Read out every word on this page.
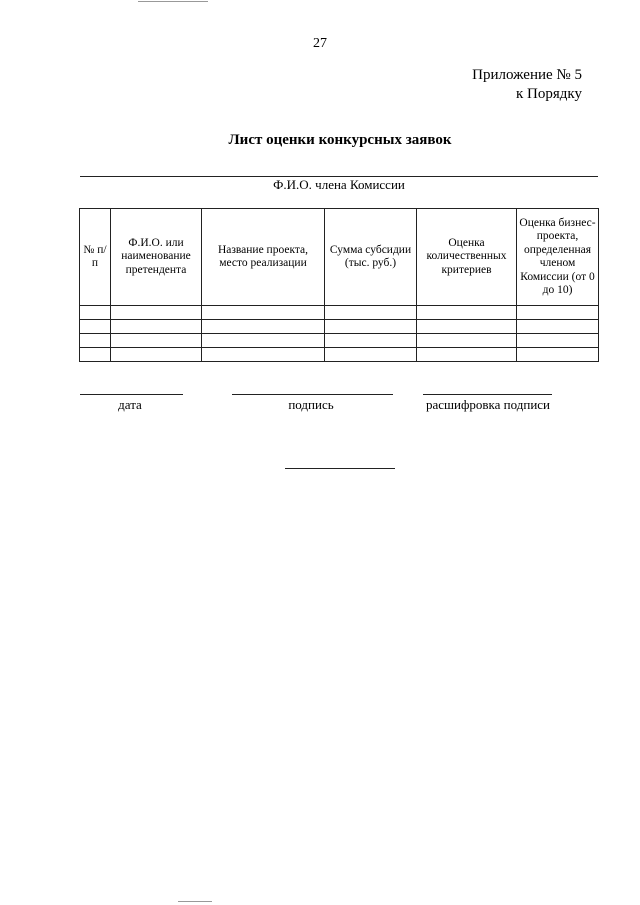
27
Приложение № 5
к Порядку
Лист оценки конкурсных заявок
Ф.И.О. члена Комиссии
№ п/п	Ф.И.О. или наименование претендента	Название проекта, место реализации	Сумма субсидии (тыс. руб.)	Оценка количественных критериев	Оценка бизнес-проекта, определенная членом Комиссии (от 0 до 10)

дата	подпись	расшифровка подписи
